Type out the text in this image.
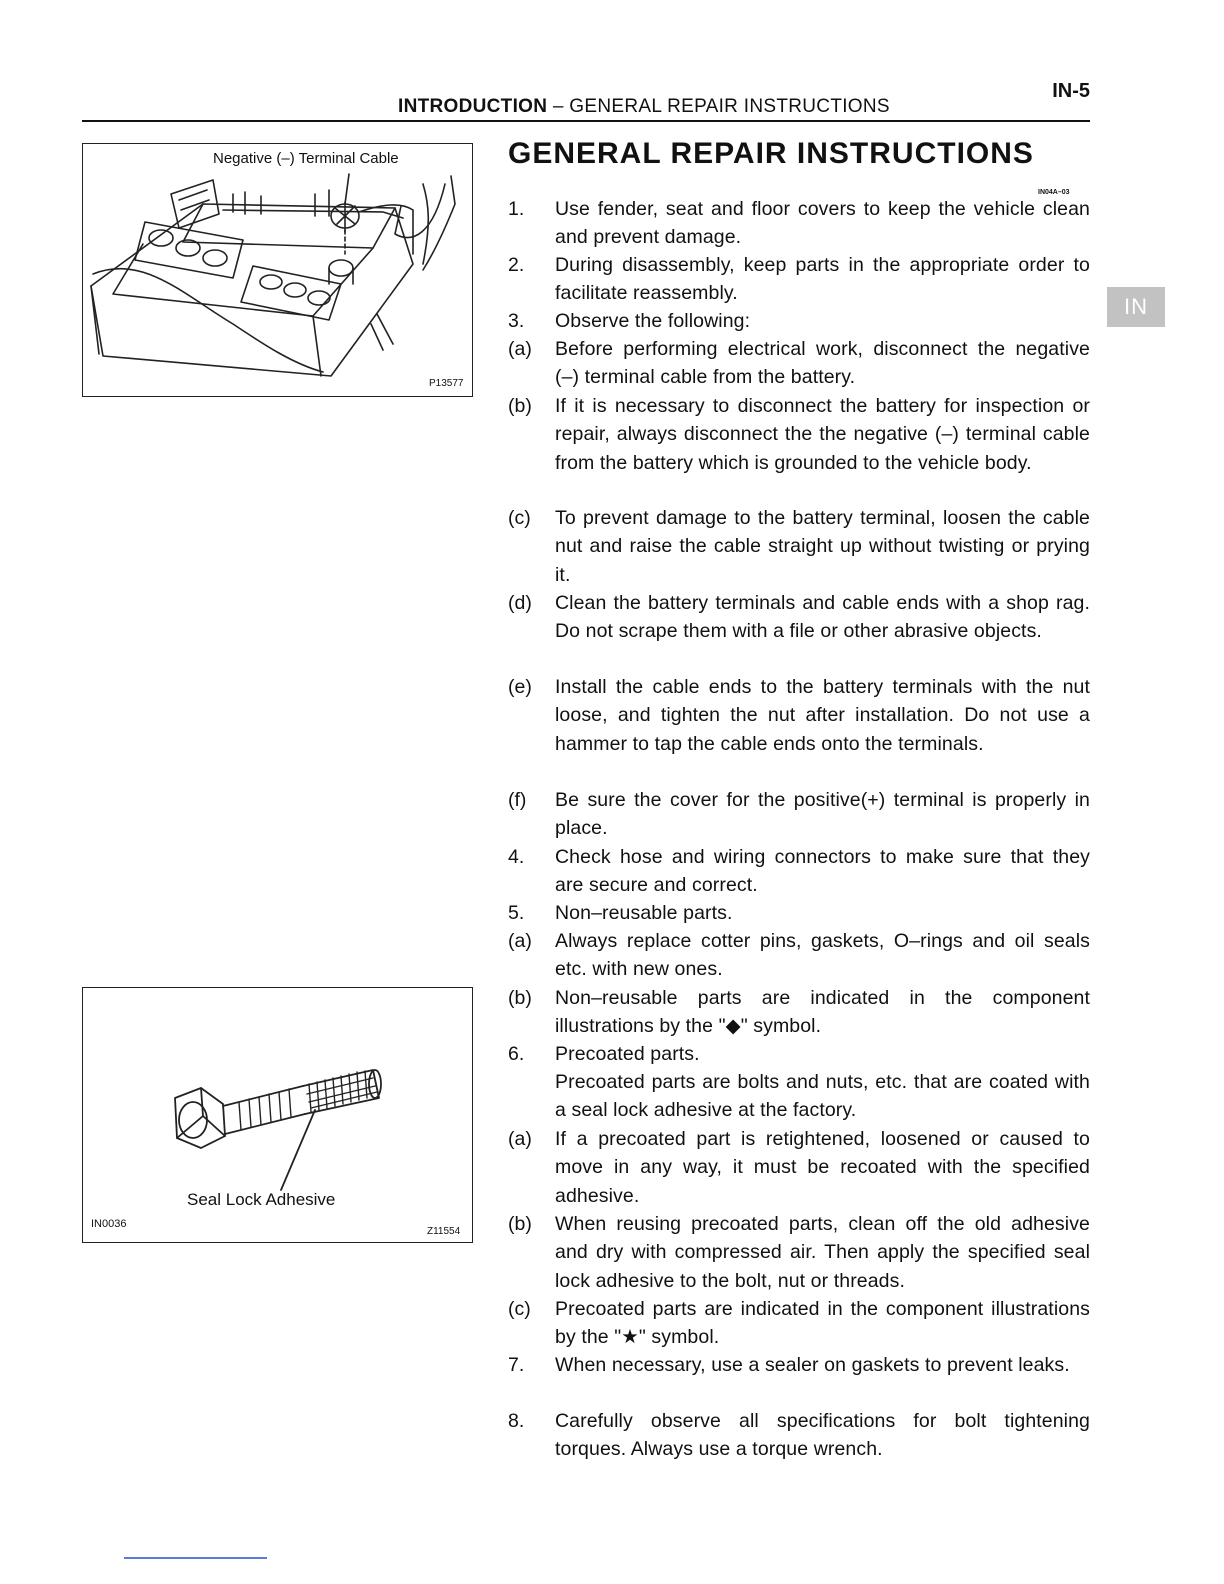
INTRODUCTION – GENERAL REPAIR INSTRUCTIONS
IN-5
Negative (–) Terminal Cable
P13577
Seal Lock Adhesive
IN0036
Z11554
GENERAL REPAIR INSTRUCTIONS
IN04A–03
IN
1. Use fender, seat and floor covers to keep the vehicle clean and prevent damage.
2. During disassembly, keep parts in the appropriate order to facilitate reassembly.
3. Observe the following:
(a) Before performing electrical work, disconnect the negative (–) terminal cable from the battery.
(b) If it is necessary to disconnect the battery for inspection or repair, always disconnect the the negative (–) terminal cable from the battery which is grounded to the vehicle body.
(c) To prevent damage to the battery terminal, loosen the cable nut and raise the cable straight up without twisting or prying it.
(d) Clean the battery terminals and cable ends with a shop rag. Do not scrape them with a file or other abrasive objects.
(e) Install the cable ends to the battery terminals with the nut loose, and tighten the nut after installation. Do not use a hammer to tap the cable ends onto the terminals.
(f) Be sure the cover for the positive(+) terminal is properly in place.
4. Check hose and wiring connectors to make sure that they are secure and correct.
5. Non–reusable parts.
(a) Always replace cotter pins, gaskets, O–rings and oil seals etc. with new ones.
(b) Non–reusable parts are indicated in the component illustrations by the "◆" symbol.
6. Precoated parts.
Precoated parts are bolts and nuts, etc. that are coated with a seal lock adhesive at the factory.
(a) If a precoated part is retightened, loosened or caused to move in any way, it must be recoated with the specified adhesive.
(b) When reusing precoated parts, clean off the old adhesive and dry with compressed air. Then apply the specified seal lock adhesive to the bolt, nut or threads.
(c) Precoated parts are indicated in the component illustrations by the "★" symbol.
7. When necessary, use a sealer on gaskets to prevent leaks.
8. Carefully observe all specifications for bolt tightening torques. Always use a torque wrench.
